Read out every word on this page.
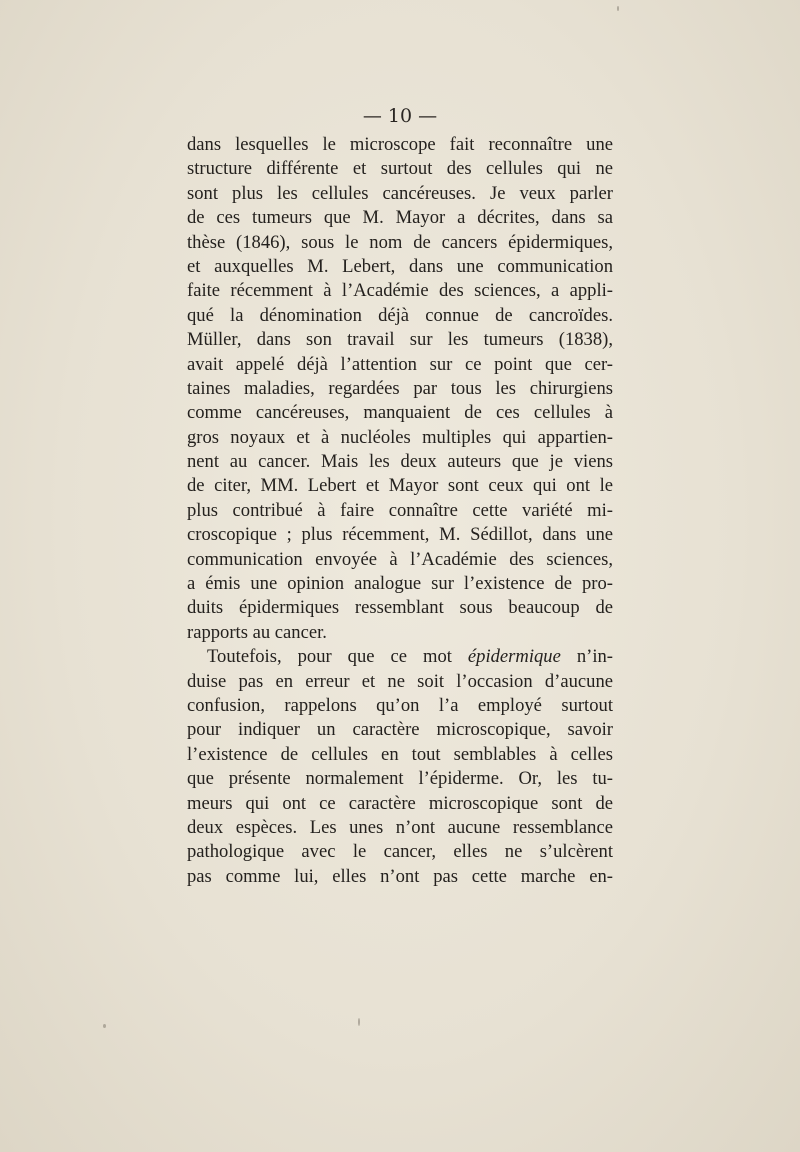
— 10 —
dans lesquelles le microscope fait reconnaître une
structure différente et surtout des cellules qui ne
sont plus les cellules cancéreuses. Je veux parler
de ces tumeurs que M. Mayor a décrites, dans sa
thèse (1846), sous le nom de cancers épidermiques,
et auxquelles M. Lebert, dans une communication
faite récemment à l’Académie des sciences, a appli-
qué la dénomination déjà connue de cancroïdes.
Müller, dans son travail sur les tumeurs (1838),
avait appelé déjà l’attention sur ce point que cer-
taines maladies, regardées par tous les chirurgiens
comme cancéreuses, manquaient de ces cellules à
gros noyaux et à nucléoles multiples qui appartien-
nent au cancer. Mais les deux auteurs que je viens
de citer, MM. Lebert et Mayor sont ceux qui ont le
plus contribué à faire connaître cette variété mi-
croscopique ; plus récemment, M. Sédillot, dans une
communication envoyée à l’Académie des sciences,
a émis une opinion analogue sur l’existence de pro-
duits épidermiques ressemblant sous beaucoup de
rapports au cancer.
Toutefois, pour que ce mot épidermique n’in-
duise pas en erreur et ne soit l’occasion d’aucune
confusion, rappelons qu’on l’a employé surtout
pour indiquer un caractère microscopique, savoir
l’existence de cellules en tout semblables à celles
que présente normalement l’épiderme. Or, les tu-
meurs qui ont ce caractère microscopique sont de
deux espèces. Les unes n’ont aucune ressemblance
pathologique avec le cancer, elles ne s’ulcèrent
pas comme lui, elles n’ont pas cette marche en-
